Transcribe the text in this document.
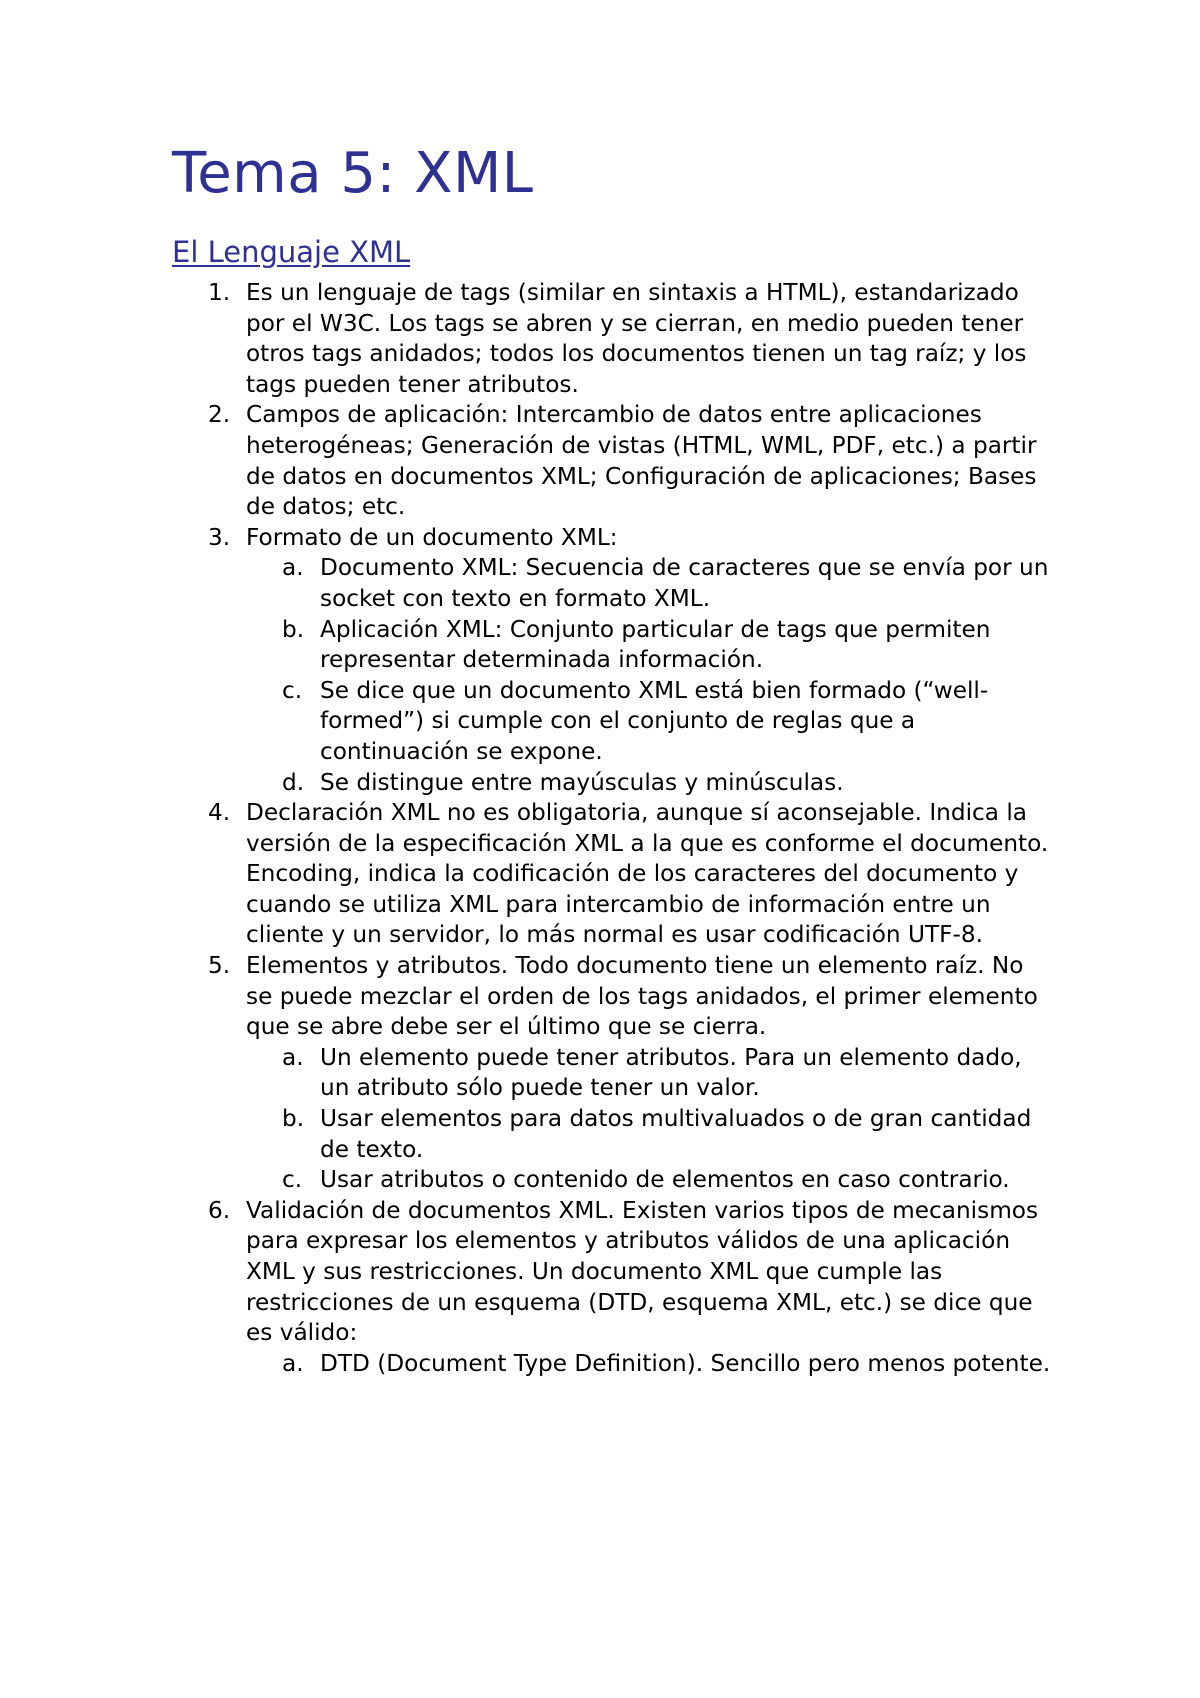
Tema 5: XML
El Lenguaje XML
1. Es un lenguaje de tags (similar en sintaxis a HTML), estandarizado por el W3C. Los tags se abren y se cierran, en medio pueden tener otros tags anidados; todos los documentos tienen un tag raíz; y los tags pueden tener atributos.
2. Campos de aplicación: Intercambio de datos entre aplicaciones heterogéneas; Generación de vistas (HTML, WML, PDF, etc.) a partir de datos en documentos XML; Configuración de aplicaciones; Bases de datos; etc.
3. Formato de un documento XML:
a. Documento XML: Secuencia de caracteres que se envía por un socket con texto en formato XML.
b. Aplicación XML: Conjunto particular de tags que permiten representar determinada información.
c. Se dice que un documento XML está bien formado (“well-formed”) si cumple con el conjunto de reglas que a continuación se expone.
d. Se distingue entre mayúsculas y minúsculas.
4. Declaración XML no es obligatoria, aunque sí aconsejable. Indica la versión de la especificación XML a la que es conforme el documento. Encoding, indica la codificación de los caracteres del documento y cuando se utiliza XML para intercambio de información entre un cliente y un servidor, lo más normal es usar codificación UTF-8.
5. Elementos y atributos. Todo documento tiene un elemento raíz. No se puede mezclar el orden de los tags anidados, el primer elemento que se abre debe ser el último que se cierra.
a. Un elemento puede tener atributos. Para un elemento dado, un atributo sólo puede tener un valor.
b. Usar elementos para datos multivaluados o de gran cantidad de texto.
c. Usar atributos o contenido de elementos en caso contrario.
6. Validación de documentos XML. Existen varios tipos de mecanismos para expresar los elementos y atributos válidos de una aplicación XML y sus restricciones. Un documento XML que cumple las restricciones de un esquema (DTD, esquema XML, etc.) se dice que es válido:
a. DTD (Document Type Definition). Sencillo pero menos potente.
